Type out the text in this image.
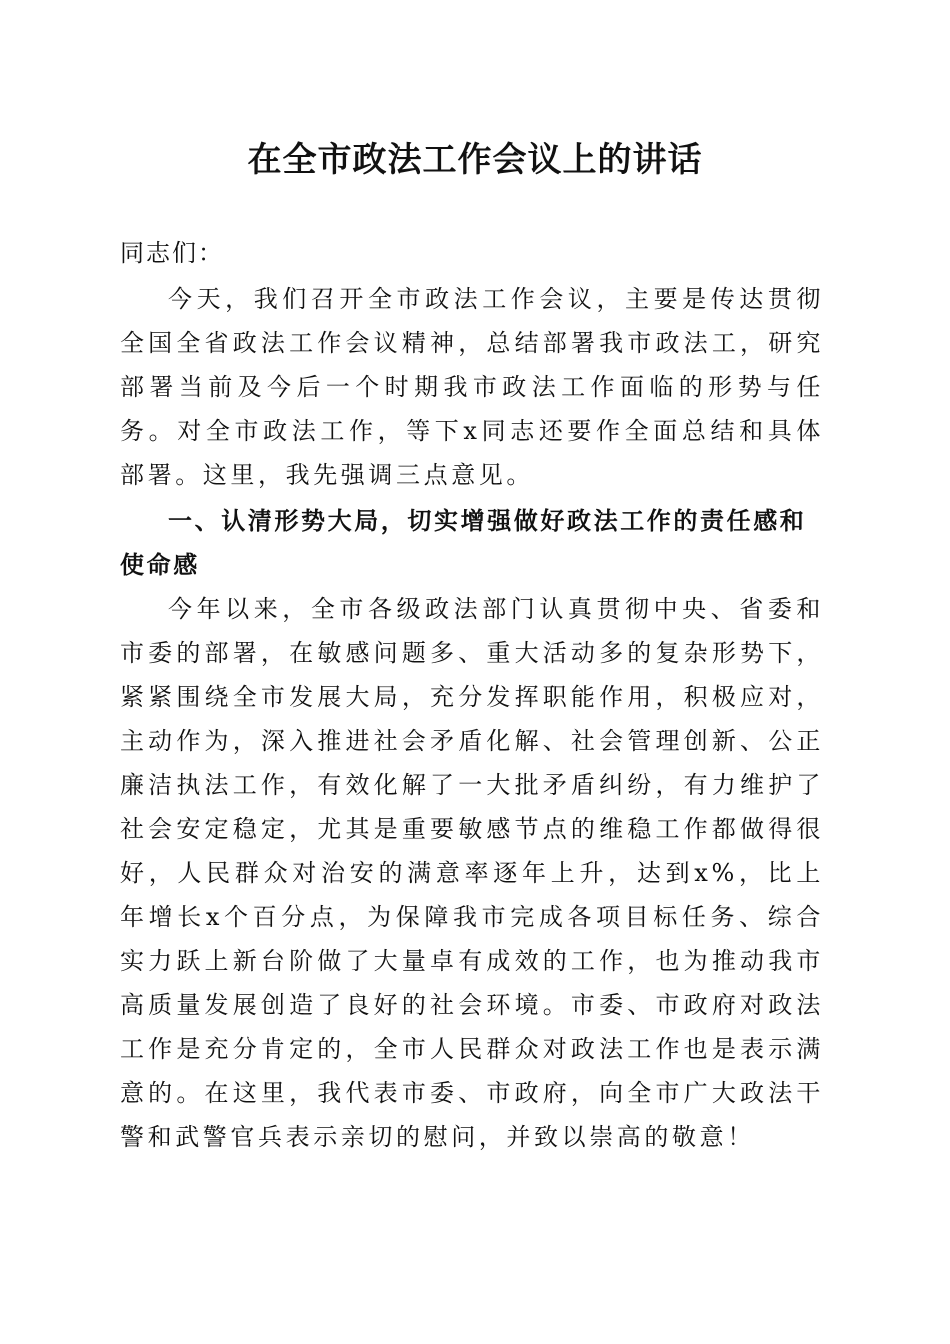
在全市政法工作会议上的讲话

同志们：

今天，我们召开全市政法工作会议，主要是传达贯彻全国全省政法工作会议精神，总结部署我市政法工，研究部署当前及今后一个时期我市政法工作面临的形势与任务。对全市政法工作，等下x同志还要作全面总结和具体部署。这里，我先强调三点意见。

一、认清形势大局，切实增强做好政法工作的责任感和使命感

今年以来，全市各级政法部门认真贯彻中央、省委和市委的部署，在敏感问题多、重大活动多的复杂形势下，紧紧围绕全市发展大局，充分发挥职能作用，积极应对，主动作为，深入推进社会矛盾化解、社会管理创新、公正廉洁执法工作，有效化解了一大批矛盾纠纷，有力维护了社会安定稳定，尤其是重要敏感节点的维稳工作都做得很好，人民群众对治安的满意率逐年上升，达到x%，比上年增长x个百分点，为保障我市完成各项目标任务、综合实力跃上新台阶做了大量卓有成效的工作，也为推动我市高质量发展创造了良好的社会环境。市委、市政府对政法工作是充分肯定的，全市人民群众对政法工作也是表示满意的。在这里，我代表市委、市政府，向全市广大政法干警和武警官兵表示亲切的慰问，并致以崇高的敬意！
